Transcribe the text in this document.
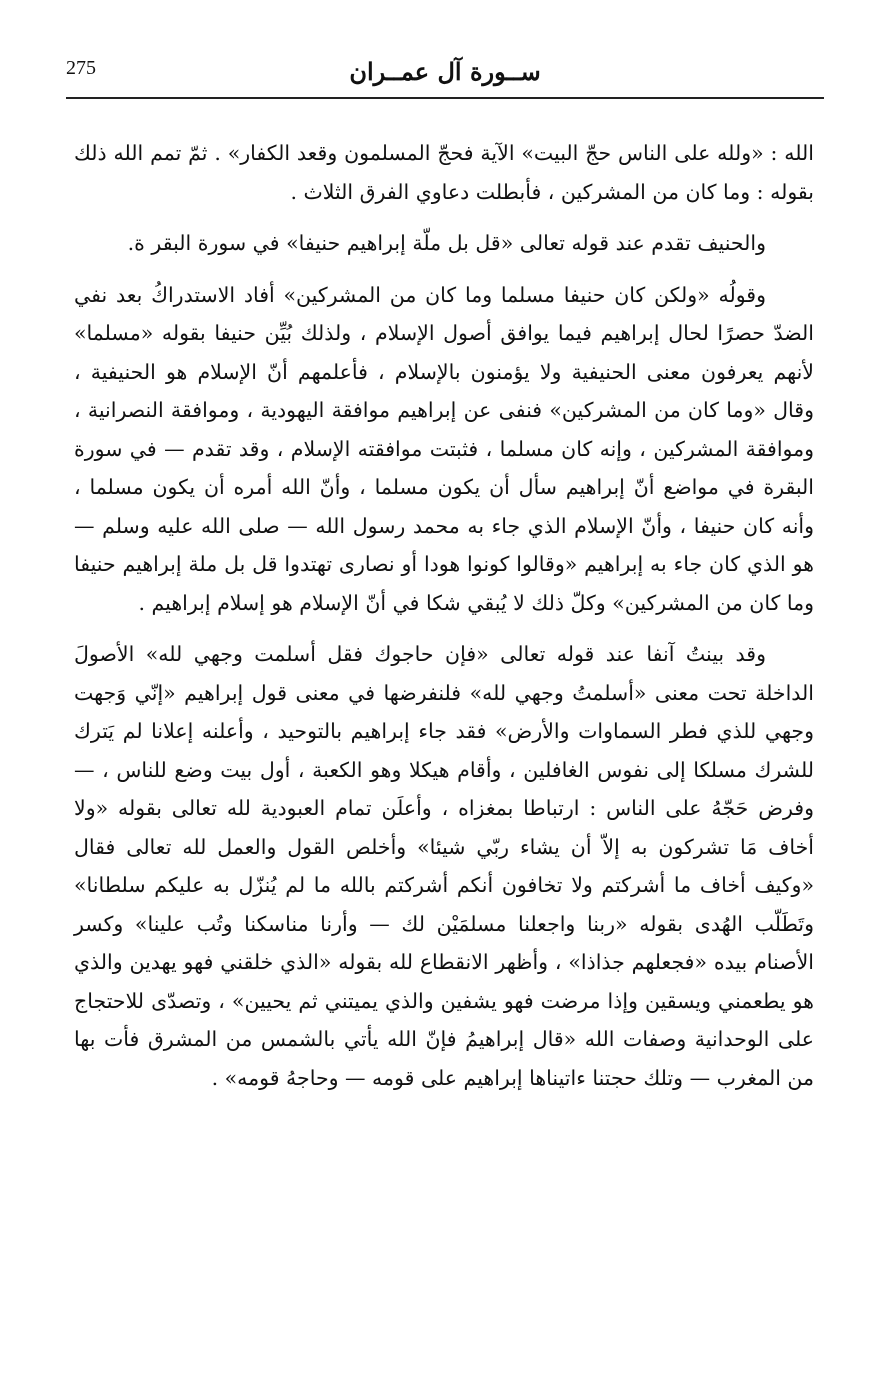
275	ســورة آل عمــران

الله : «ولله على الناس حجّ البيت» الآية فحجّ المسلمون وقعد الكفار» . ثمّ تمم الله ذلك بقوله : وما كان من المشركين ، فأبطلت دعاوي الفرق الثلاث .

والحنيف تقدم عند قوله تعالى «قل بل ملّة إبراهيم حنيفا» في سورة البقر ة.

وقولُه «ولكن كان حنيفا مسلما وما كان من المشركين» أفاد الاستدراكُ بعد نفي الضدّ حصرًا لحال إبراهيم فيما يوافق أصول الإسلام ، ولذلك بُيِّن حنيفا بقوله «مسلما» لأنهم يعرفون معنى الحنيفية ولا يؤمنون بالإسلام ، فأعلمهم أنّ الإسلام هو الحنيفية ، وقال «وما كان من المشركين» فنفى عن إبراهيم موافقة اليهودية ، وموافقة النصرانية ، وموافقة المشركين ، وإنه كان مسلما ، فثبتت موافقته الإسلام ، وقد تقدم — في سورة البقرة في مواضع أنّ إبراهيم سأل أن يكون مسلما ، وأنّ الله أمره أن يكون مسلما ، وأنه كان حنيفا ، وأنّ الإسلام الذي جاء به محمد رسول الله — صلى الله عليه وسلم — هو الذي كان جاء به إبراهيم «وقالوا كونوا هودا أو نصارى تهتدوا قل بل ملة إبراهيم حنيفا وما كان من المشركين» وكلّ ذلك لا يُبقي شكا في أنّ الإسلام هو إسلام إبراهيم .

وقد بينتُ آنفا عند قوله تعالى «فإن حاجوك فقل أسلمت وجهي لله» الأصولَ الداخلة تحت معنى «أسلمتُ وجهي لله» فلنفرضها في معنى قول إبراهيم «إنّي وَجهت وجهي للذي فطر السماوات والأرض» فقد جاء إبراهيم بالتوحيد ، وأعلنه إعلانا لم يَترك للشرك مسلكا إلى نفوس الغافلين ، وأقام هيكلا وهو الكعبة ، أول بيت وضع للناس ، — وفرض حَجّهُ على الناس : ارتباطا بمغزاه ، وأعلَن تمام العبودية لله تعالى بقوله «ولا أخاف مَا تشركون به إلاّ أن يشاء ربّي شيئا» وأخلص القول والعمل لله تعالى فقال «وكيف أخاف ما أشركتم ولا تخافون أنكم أشركتم بالله ما لم يُنزّل به عليكم سلطانا» وتَطَلّب الهُدى بقوله «ربنا واجعلنا مسلمَيْن لك — وأرنا مناسكنا وتُب علينا» وكسر الأصنام بيده «فجعلهم جذاذا» ، وأظهر الانقطاع لله بقوله «الذي خلقني فهو يهدين والذي هو يطعمني ويسقين وإذا مرضت فهو يشفين والذي يميتني ثم يحيين» ، وتصدّى للاحتجاج على الوحدانية وصفات الله «قال إبراهيمُ فإنّ الله يأتي بالشمس من المشرق فأت بها من المغرب — وتلك حجتنا ءاتيناها إبراهيم على قومه — وحاجهُ قومه» .
